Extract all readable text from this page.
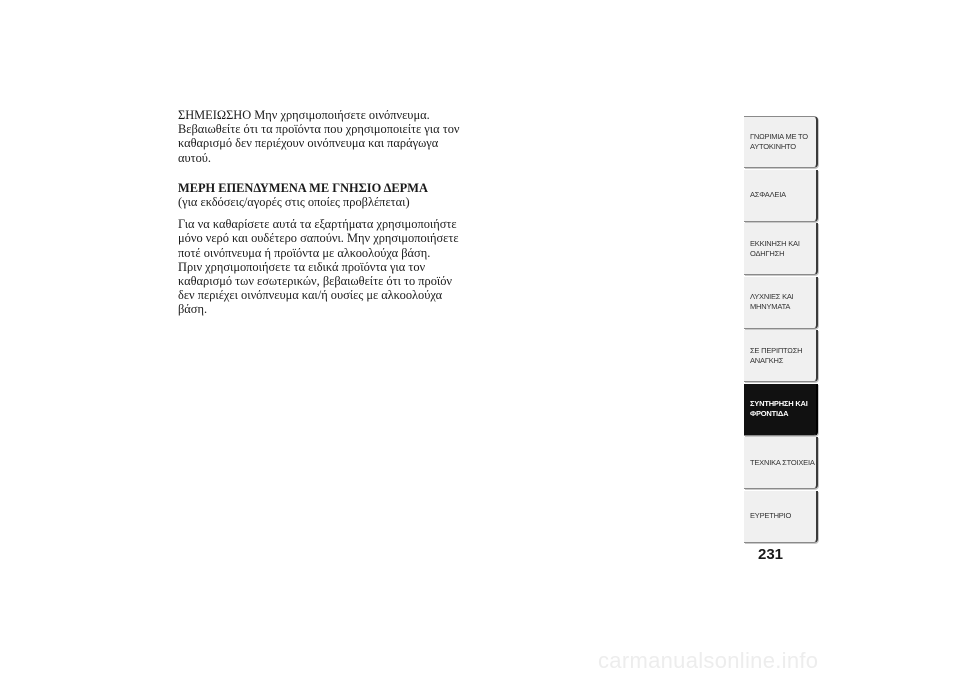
ΣΗΜΕΙΩΣΗΟ Μην χρησιμοποιήσετε οινόπνευμα.
Βεβαιωθείτε ότι τα προϊόντα που χρησιμοποιείτε για τον
καθαρισμό δεν περιέχουν οινόπνευμα και παράγωγα
αυτού.

ΜΕΡΗ ΕΠΕΝΔΥΜΕΝΑ ΜΕ ΓΝΗΣΙΟ ΔΕΡΜΑ

(για εκδόσεις/αγορές στις οποίες προβλέπεται)

Για να καθαρίσετε αυτά τα εξαρτήματα χρησιμοποιήστε
μόνο νερό και ουδέτερο σαπούνι. Μην χρησιμοποιήσετε
ποτέ οινόπνευμα ή προϊόντα με αλκοολούχα βάση.
Πριν χρησιμοποιήσετε τα ειδικά προϊόντα για τον
καθαρισμό των εσωτερικών, βεβαιωθείτε ότι το προϊόν
δεν περιέχει οινόπνευμα και/ή ουσίες με αλκοολούχα
βάση.

ΓΝΩΡΙΜΙΑ ΜΕ ΤΟ
ΑΥΤΟΚΙΝΗΤΟ
ΑΣΦΑΛΕΙΑ
ΕΚΚΙΝΗΣΗ ΚΑΙ
ΟΔΗΓΗΣΗ
ΛΥΧΝΙΕΣ ΚΑΙ
ΜΗΝΥΜΑΤΑ
ΣΕ ΠΕΡΙΠΤΩΣΗ
ΑΝΑΓΚΗΣ
ΣΥΝΤΗΡΗΣΗ ΚΑΙ
ΦΡΟΝΤΙΔΑ
ΤΕΧΝΙΚΑ ΣΤΟΙΧΕΙΑ
ΕΥΡΕΤΗΡΙΟ
231
carmanualsonline.info
